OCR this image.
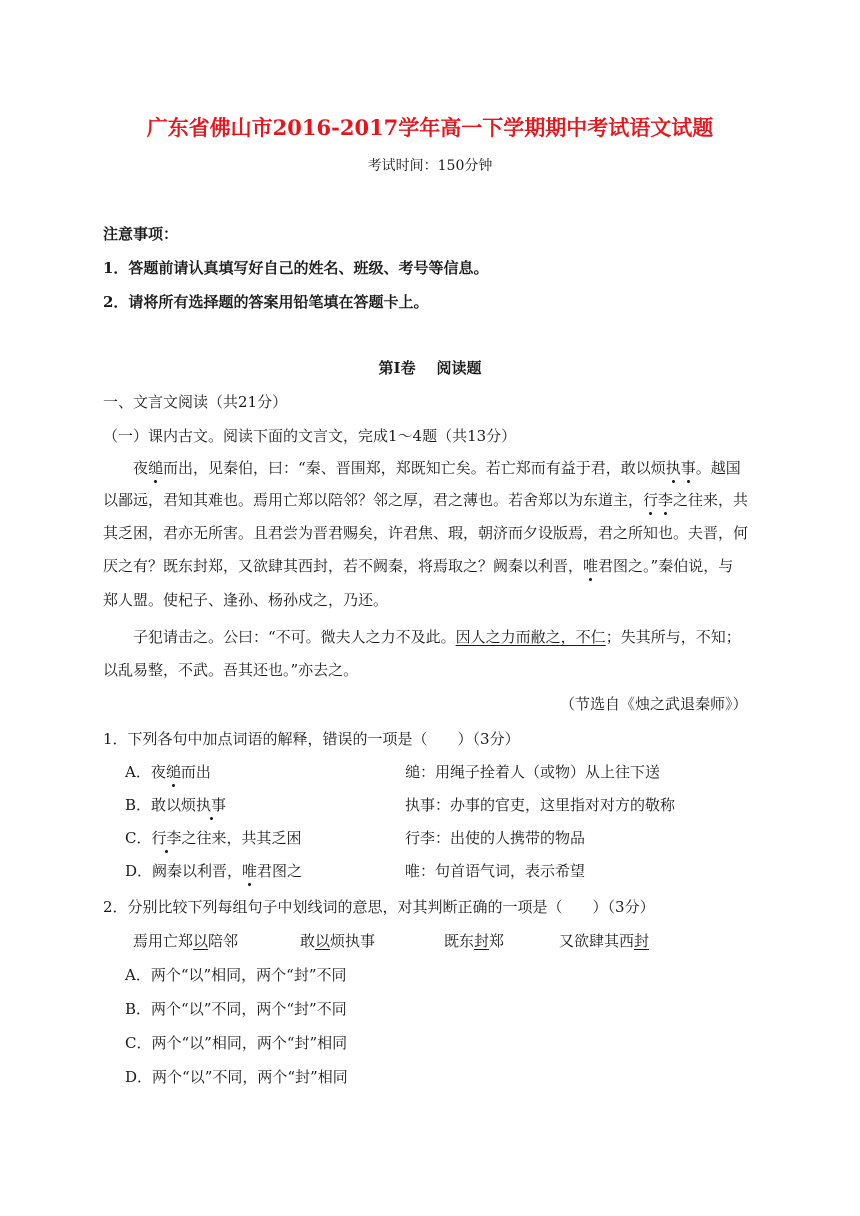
广东省佛山市2016-2017学年高一下学期期中考试语文试题
考试时间：150分钟
注意事项：
1．答题前请认真填写好自己的姓名、班级、考号等信息。
2．请将所有选择题的答案用铅笔填在答题卡上。
第Ⅰ卷    阅读题
一、文言文阅读（共21分）
（一）课内古文。阅读下面的文言文，完成1～4题（共13分）
夜缒而出，见秦伯，曰：“秦、晋围郑，郑既知亡矣。若亡郑而有益于君，敢以烦执事。越国
以鄙远，君知其难也。焉用亡郑以陪邻？邻之厚，君之薄也。若舍郑以为东道主，行李之往来，共
其乏困，君亦无所害。且君尝为晋君赐矣，许君焦、瑕，朝济而夕设版焉，君之所知也。夫晋，何
厌之有？既东封郑，又欲肆其西封，若不阙秦，将焉取之？阙秦以利晋，唯君图之。”秦伯说，与
郑人盟。使杞子、逢孙、杨孙戍之，乃还。
子犯请击之。公曰：“不可。微夫人之力不及此。因人之力而敝之，不仁；失其所与，不知；
以乱易整，不武。吾其还也。”亦去之。
（节选自《烛之武退秦师》）
1．下列各句中加点词语的解释，错误的一项是（　　）（3分）
A．夜缒而出	缒：用绳子拴着人（或物）从上往下送
B．敢以烦执事	执事：办事的官吏，这里指对对方的敬称
C．行李之往来，共其乏困	行李：出使的人携带的物品
D．阙秦以利晋，唯君图之	唯：句首语气词，表示希望
2．分别比较下列每组句子中划线词的意思，对其判断正确的一项是（　　）（3分）
焉用亡郑以陪邻	敢以烦执事	既东封郑	又欲肆其西封
A．两个“以”相同，两个“封”不同
B．两个“以”不同，两个“封”不同
C．两个“以”相同，两个“封”相同
D．两个“以”不同，两个“封”相同
